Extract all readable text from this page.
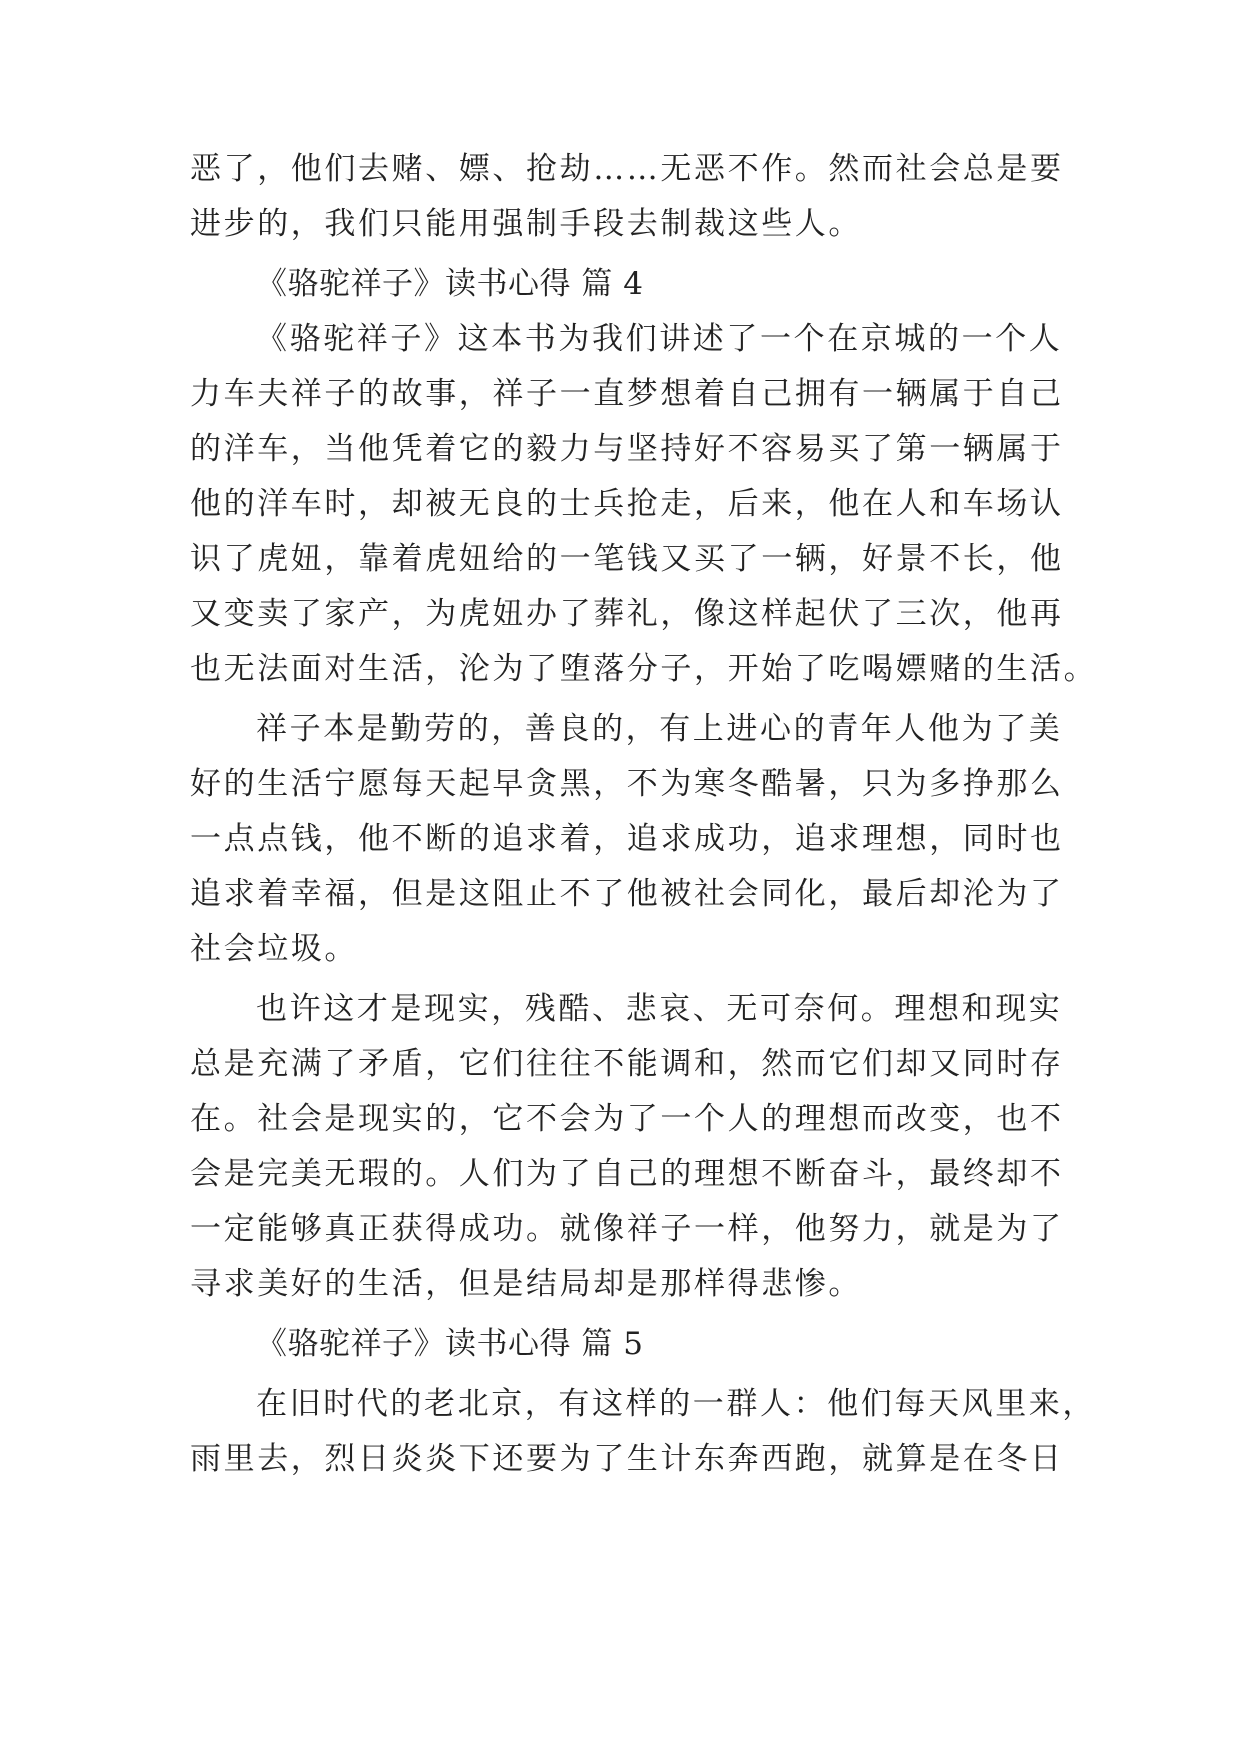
恶了，他们去赌、嫖、抢劫……无恶不作。然而社会总是要
进步的，我们只能用强制手段去制裁这些人。
《骆驼祥子》读书心得 篇 4
《骆驼祥子》这本书为我们讲述了一个在京城的一个人
力车夫祥子的故事，祥子一直梦想着自己拥有一辆属于自己
的洋车，当他凭着它的毅力与坚持好不容易买了第一辆属于
他的洋车时，却被无良的士兵抢走，后来，他在人和车场认
识了虎妞，靠着虎妞给的一笔钱又买了一辆，好景不长，他
又变卖了家产，为虎妞办了葬礼，像这样起伏了三次，他再
也无法面对生活，沦为了堕落分子，开始了吃喝嫖赌的生活。
祥子本是勤劳的，善良的，有上进心的青年人他为了美
好的生活宁愿每天起早贪黑，不为寒冬酷暑，只为多挣那么
一点点钱，他不断的追求着，追求成功，追求理想，同时也
追求着幸福，但是这阻止不了他被社会同化，最后却沦为了
社会垃圾。
也许这才是现实，残酷、悲哀、无可奈何。理想和现实
总是充满了矛盾，它们往往不能调和，然而它们却又同时存
在。社会是现实的，它不会为了一个人的理想而改变，也不
会是完美无瑕的。人们为了自己的理想不断奋斗，最终却不
一定能够真正获得成功。就像祥子一样，他努力，就是为了
寻求美好的生活，但是结局却是那样得悲惨。
《骆驼祥子》读书心得 篇 5
在旧时代的老北京，有这样的一群人：他们每天风里来，
雨里去，烈日炎炎下还要为了生计东奔西跑，就算是在冬日
